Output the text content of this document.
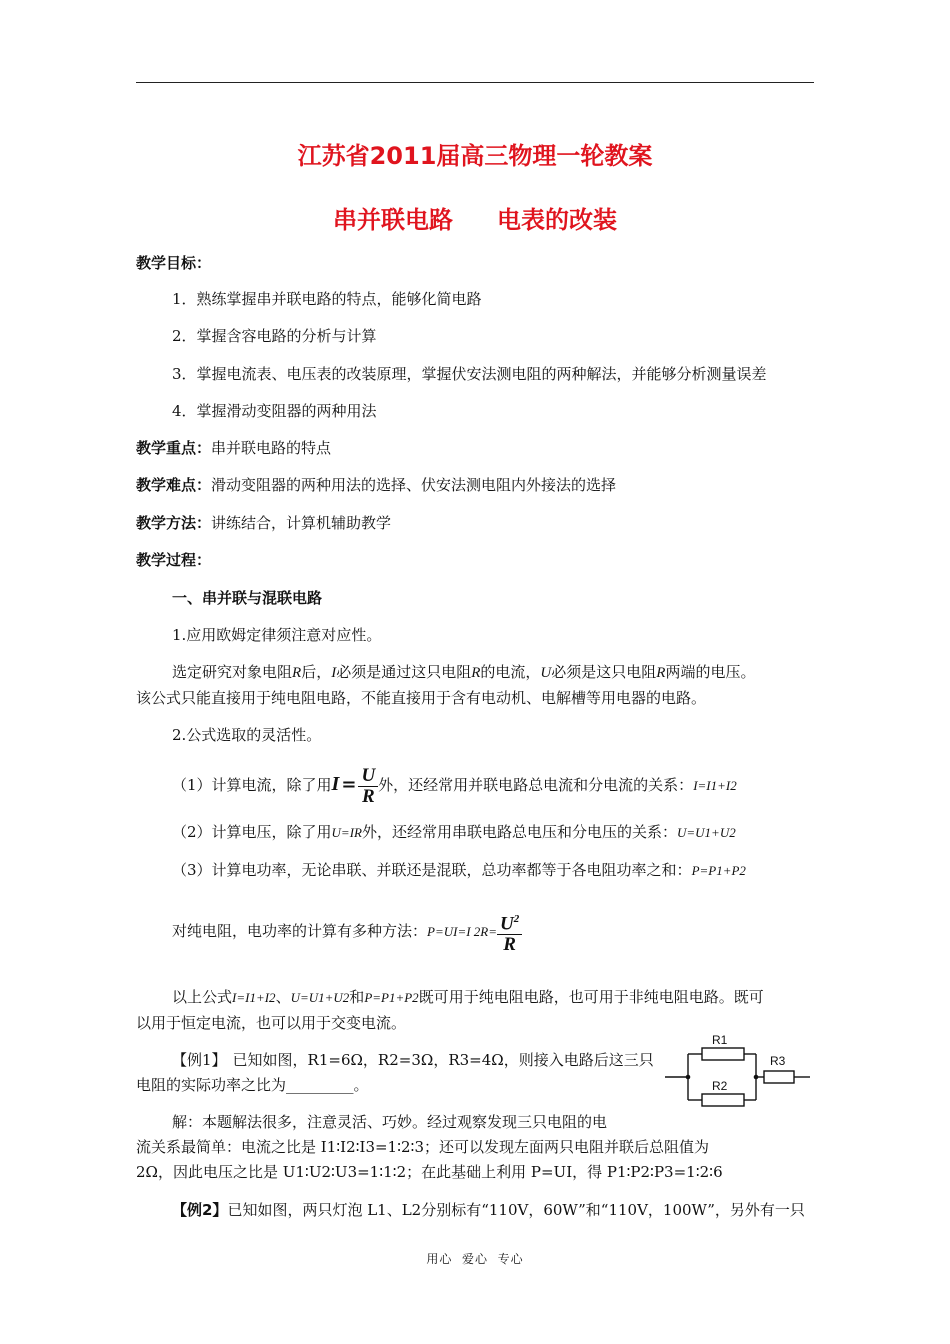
江苏省2011届高三物理一轮教案
串并联电路 电表的改装
教学目标：
1．熟练掌握串并联电路的特点，能够化简电路
2．掌握含容电路的分析与计算
3．掌握电流表、电压表的改装原理，掌握伏安法测电阻的两种解法，并能够分析测量误差
4．掌握滑动变阻器的两种用法
教学重点：串并联电路的特点
教学难点：滑动变阻器的两种用法的选择、伏安法测电阻内外接法的选择
教学方法：讲练结合，计算机辅助教学
教学过程：
一、串并联与混联电路
1.应用欧姆定律须注意对应性。
选定研究对象电阻R后，I必须是通过这只电阻R的电流，U必须是这只电阻R两端的电压。
该公式只能直接用于纯电阻电路，不能直接用于含有电动机、电解槽等用电器的电路。
2.公式选取的灵活性。
（1）计算电流，除了用$I = \frac{U}{R}$ 外，还经常用并联电路总电流和分电流的关系：I=I1+I2
（2）计算电压，除了用U=IR外，还经常用串联电路总电压和分电压的关系：U=U1+U2
（3）计算电功率，无论串联、并联还是混联，总功率都等于各电阻功率之和：P=P1+P2
对纯电阻，电功率的计算有多种方法：P=UI=I $2R= \frac{U^2}{R}$
以上公式I=I1+I2、U=U1+U2和P=P1+P2既可用于纯电阻电路，也可用于非纯电阻电路。既可
以用于恒定电流，也可以用于交变电流。
【例1】 已知如图，R1=6Ω，R2=3Ω，R3=4Ω，则接入电路后这三只
电阻的实际功率之比为_________。
解：本题解法很多，注意灵活、巧妙。经过观察发现三只电阻的电
流关系最简单：电流之比是 I1∶I2∶I3=1∶2∶3；还可以发现左面两只电阻并联后总阻值为
2Ω，因此电压之比是 U1∶U2∶U3=1∶1∶2；在此基础上利用 P=UI，得 P1∶P2∶P3=1∶2∶6
【例2】已知如图，两只灯泡 L1、L2分别标有“110V，60W”和“110V，100W”，另外有一只
R1
R2
R3
用心  爱心  专心
